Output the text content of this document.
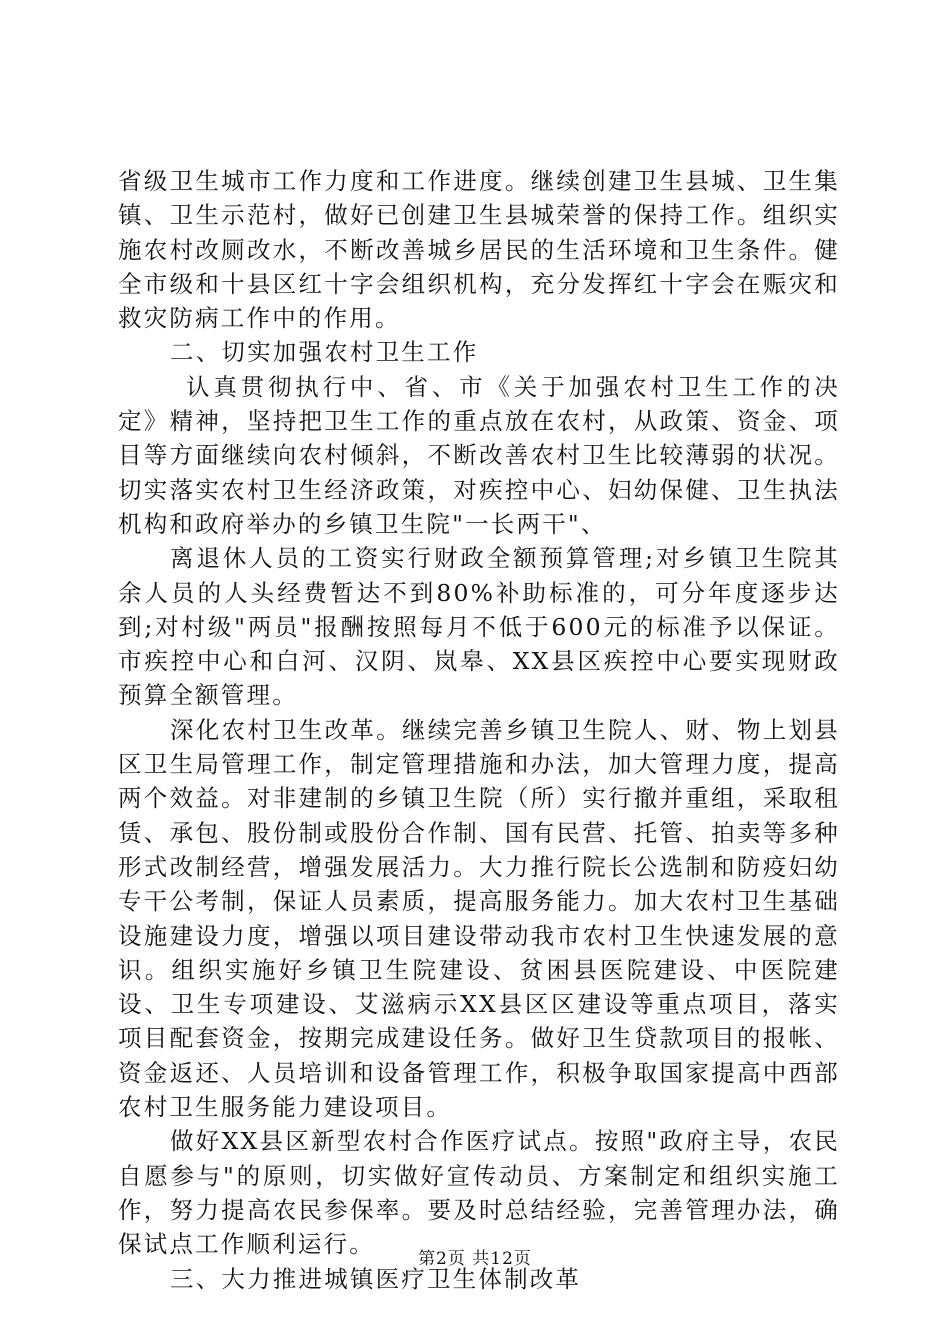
省级卫生城市工作力度和工作进度。继续创建卫生县城、卫生集镇、卫生示范村，做好已创建卫生县城荣誉的保持工作。组织实施农村改厕改水，不断改善城乡居民的生活环境和卫生条件。健全市级和十县区红十字会组织机构，充分发挥红十字会在赈灾和救灾防病工作中的作用。

二、切实加强农村卫生工作

认真贯彻执行中、省、市《关于加强农村卫生工作的决定》精神，坚持把卫生工作的重点放在农村，从政策、资金、项目等方面继续向农村倾斜，不断改善农村卫生比较薄弱的状况。切实落实农村卫生经济政策，对疾控中心、妇幼保健、卫生执法机构和政府举办的乡镇卫生院"一长两干"、

离退休人员的工资实行财政全额预算管理;对乡镇卫生院其余人员的人头经费暂达不到80%补助标准的，可分年度逐步达到;对村级"两员"报酬按照每月不低于600元的标准予以保证。市疾控中心和白河、汉阴、岚皋、XX县区疾控中心要实现财政预算全额管理。

深化农村卫生改革。继续完善乡镇卫生院人、财、物上划县区卫生局管理工作，制定管理措施和办法，加大管理力度，提高两个效益。对非建制的乡镇卫生院（所）实行撤并重组，采取租赁、承包、股份制或股份合作制、国有民营、托管、拍卖等多种形式改制经营，增强发展活力。大力推行院长公选制和防疫妇幼专干公考制，保证人员素质，提高服务能力。加大农村卫生基础设施建设力度，增强以项目建设带动我市农村卫生快速发展的意识。组织实施好乡镇卫生院建设、贫困县医院建设、中医院建设、卫生专项建设、艾滋病示XX县区区建设等重点项目，落实项目配套资金，按期完成建设任务。做好卫生贷款项目的报帐、资金返还、人员培训和设备管理工作，积极争取国家提高中西部农村卫生服务能力建设项目。

做好XX县区新型农村合作医疗试点。按照"政府主导，农民自愿参与"的原则，切实做好宣传动员、方案制定和组织实施工作，努力提高农民参保率。要及时总结经验，完善管理办法，确保试点工作顺利运行。

三、大力推进城镇医疗卫生体制改革

第2页 共12页
